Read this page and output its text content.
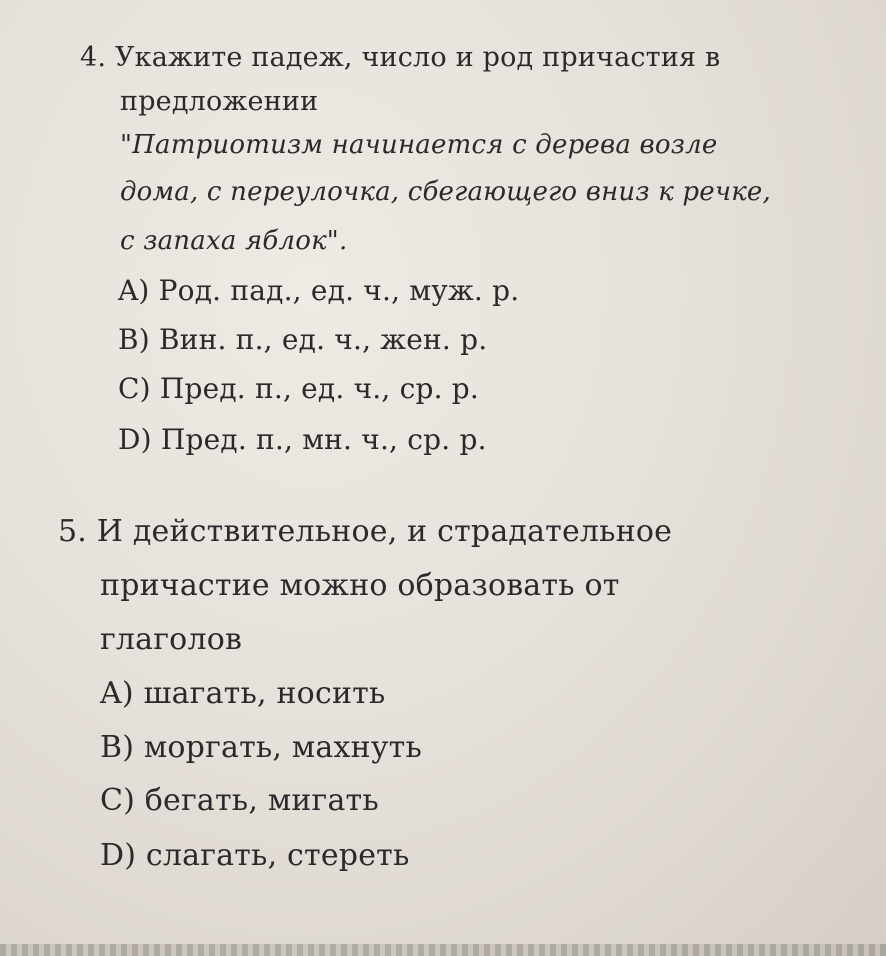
4. Укажите падеж, число и род причастия в

предложении

"Патриотизм начинается с дерева возле

дома, с переулочка, сбегающего вниз к речке,

с запаха яблок".

A) Род. пад., ед. ч., муж. р.

B) Вин. п., ед. ч., жен. р.

C) Пред. п., ед. ч., ср. р.

D) Пред. п., мн. ч., ср. р.

5. И действительное, и страдательное

причастие можно образовать от

глаголов

A) шагать, носить

B) моргать, махнуть

C) бегать, мигать

D) слагать, стереть
